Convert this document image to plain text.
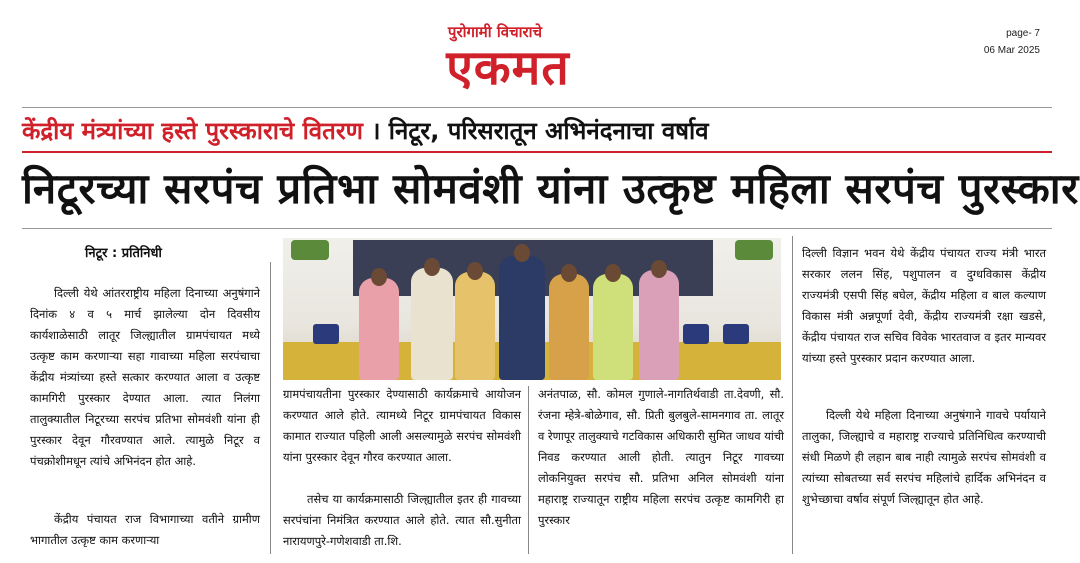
पुरोगामी विचाराचे
एकमत
page- 7
06 Mar 2025
केंद्रीय मंत्र्यांच्या हस्ते पुरस्काराचे वितरण । निटूर, परिसरातून अभिनंदनाचा वर्षाव
निटूरच्या सरपंच प्रतिभा सोमवंशी यांना उत्कृष्ट महिला सरपंच पुरस्कार
निटूर : प्रतिनिधी
दिल्ली येथे आंतरराष्ट्रीय महिला दिनाच्या अनुषंगाने दिनांक ४ व ५ मार्च झालेल्या दोन दिवसीय कार्यशाळेसाठी लातूर जिल्ह्यातील ग्रामपंचायत मध्ये उत्कृष्ट काम करणाऱ्या सहा गावाच्या महिला सरपंचाचा केंद्रीय मंत्र्यांच्या हस्ते सत्कार करण्यात आला व उत्कृष्ट कामगिरी पुरस्कार देण्यात आला. त्यात निलंगा तालुक्यातील निटूरच्या सरपंच प्रतिभा सोमवंशी यांना ही पुरस्कार देवून गौरवण्यात आले. त्यामुळे निटूर व पंचक्रोशीमधून त्यांचे अभिनंदन होत आहे.
केंद्रीय पंचायत राज विभागाच्या वतीने ग्रामीण भागातील उत्कृष्ट काम करणाऱ्या
ग्रामपंचायतीना पुरस्कार देण्यासाठी कार्यक्रमाचे आयोजन करण्यात आले होते. त्यामध्ये निटूर ग्रामपंचायत विकास कामात राज्यात पहिली आली असल्यामुळे सरपंच सोमवंशी यांना पुरस्कार देवून गौरव करण्यात आला.
तसेच या कार्यक्रमासाठी जिल्ह्यातील इतर ही गावच्या सरपंचांना निमंत्रित करण्यात आले होते. त्यात सौ.सुनीता नारायणपुरे-गणेशवाडी ता.शि.
अनंतपाळ, सौ. कोमल गुणाले-नागतिर्थवाडी ता.देवणी, सौ. रंजना म्हेत्रे-बोळेगाव, सौ. प्रिती बुलबुले-सामनगाव ता. लातूर व रेणापूर तालुक्याचे गटविकास अधिकारी सुमित जाधव यांची निवड करण्यात आली होती. त्यातुन निटूर गावच्या लोकनियुक्त सरपंच सौ. प्रतिभा अनिल सोमवंशी यांना महाराष्ट्र राज्यातून राष्ट्रीय महिला सरपंच उत्कृष्ट कामगिरी हा पुरस्कार
दिल्ली विज्ञान भवन येथे केंद्रीय पंचायत राज्य मंत्री भारत सरकार ललन सिंह, पशुपालन व दुग्धविकास केंद्रीय राज्यमंत्री एसपी सिंह बघेल, केंद्रीय महिला व बाल कल्याण विकास मंत्री अन्नपूर्णा देवी, केंद्रीय राज्यमंत्री रक्षा खडसे, केंद्रीय पंचायत राज सचिव विवेक भारतवाज व इतर मान्यवर यांच्या हस्ते पुरस्कार प्रदान करण्यात आला.
दिल्ली येथे महिला दिनाच्या अनुषंगाने गावचे पर्यायाने तालुका, जिल्ह्याचे व महाराष्ट्र राज्याचे प्रतिनिधित्व करण्याची संधी मिळणे ही लहान बाब नाही त्यामुळे सरपंच सोमवंशी व त्यांच्या सोबतच्या सर्व सरपंच महिलांचे हार्दिक अभिनंदन व शुभेच्छाचा वर्षाव संपूर्ण जिल्ह्यातून होत आहे.
